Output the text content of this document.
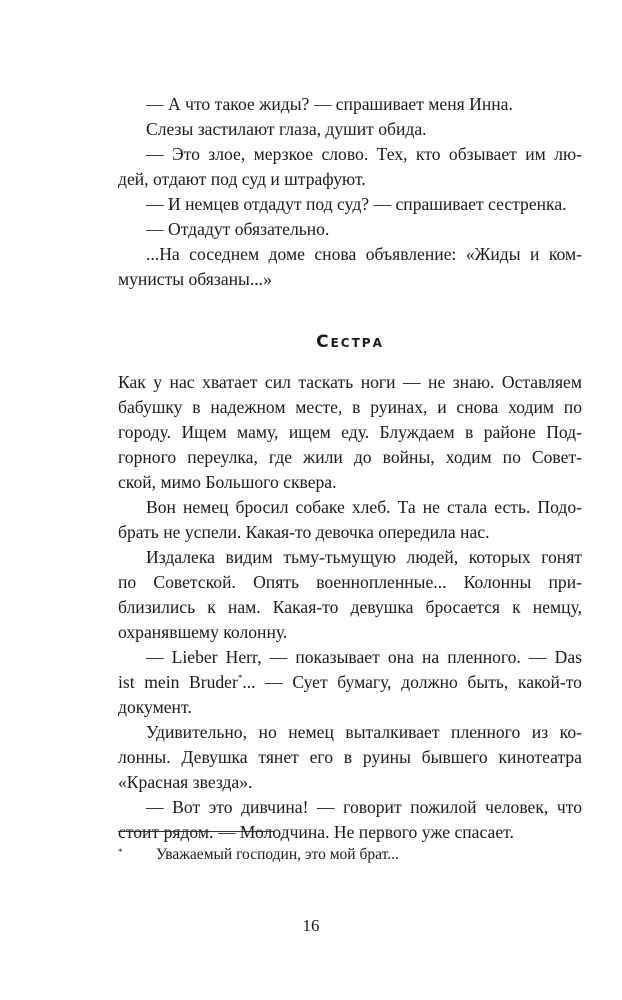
— А что такое жиды? — спрашивает меня Инна.

Слезы застилают глаза, душит обида.

— Это злое, мерзкое слово. Тех, кто обзывает им лю-
дей, отдают под суд и штрафуют.

— И немцев отдадут под суд? — спрашивает сестренка.

— Отдадут обязательно.

...На соседнем доме снова объявление: «Жиды и ком-
мунисты обязаны...»

Сестра

Как у нас хватает сил таскать ноги — не знаю. Оставляем
бабушку в надежном месте, в руинах, и снова ходим по
городу. Ищем маму, ищем еду. Блуждаем в районе Под-
горного переулка, где жили до войны, ходим по Совет-
ской, мимо Большого сквера.

Вон немец бросил собаке хлеб. Та не стала есть. Подо-
брать не успели. Какая-то девочка опередила нас.

Издалека видим тьму-тьмущую людей, которых гонят
по Советской. Опять военнопленные... Колонны при-
близились к нам. Какая-то девушка бросается к немцу,
охранявшему колонну.

— Lieber Herr, — показывает она на пленного. — Das
ist mein Bruder*... — Сует бумагу, должно быть, какой-то
документ.

Удивительно, но немец выталкивает пленного из ко-
лонны. Девушка тянет его в руины бывшего кинотеатра
«Красная звезда».

— Вот это дивчина! — говорит пожилой человек, что
стоит рядом. — Молодчина. Не первого уже спасает.

*	Уважаемый господин, это мой брат...
16
